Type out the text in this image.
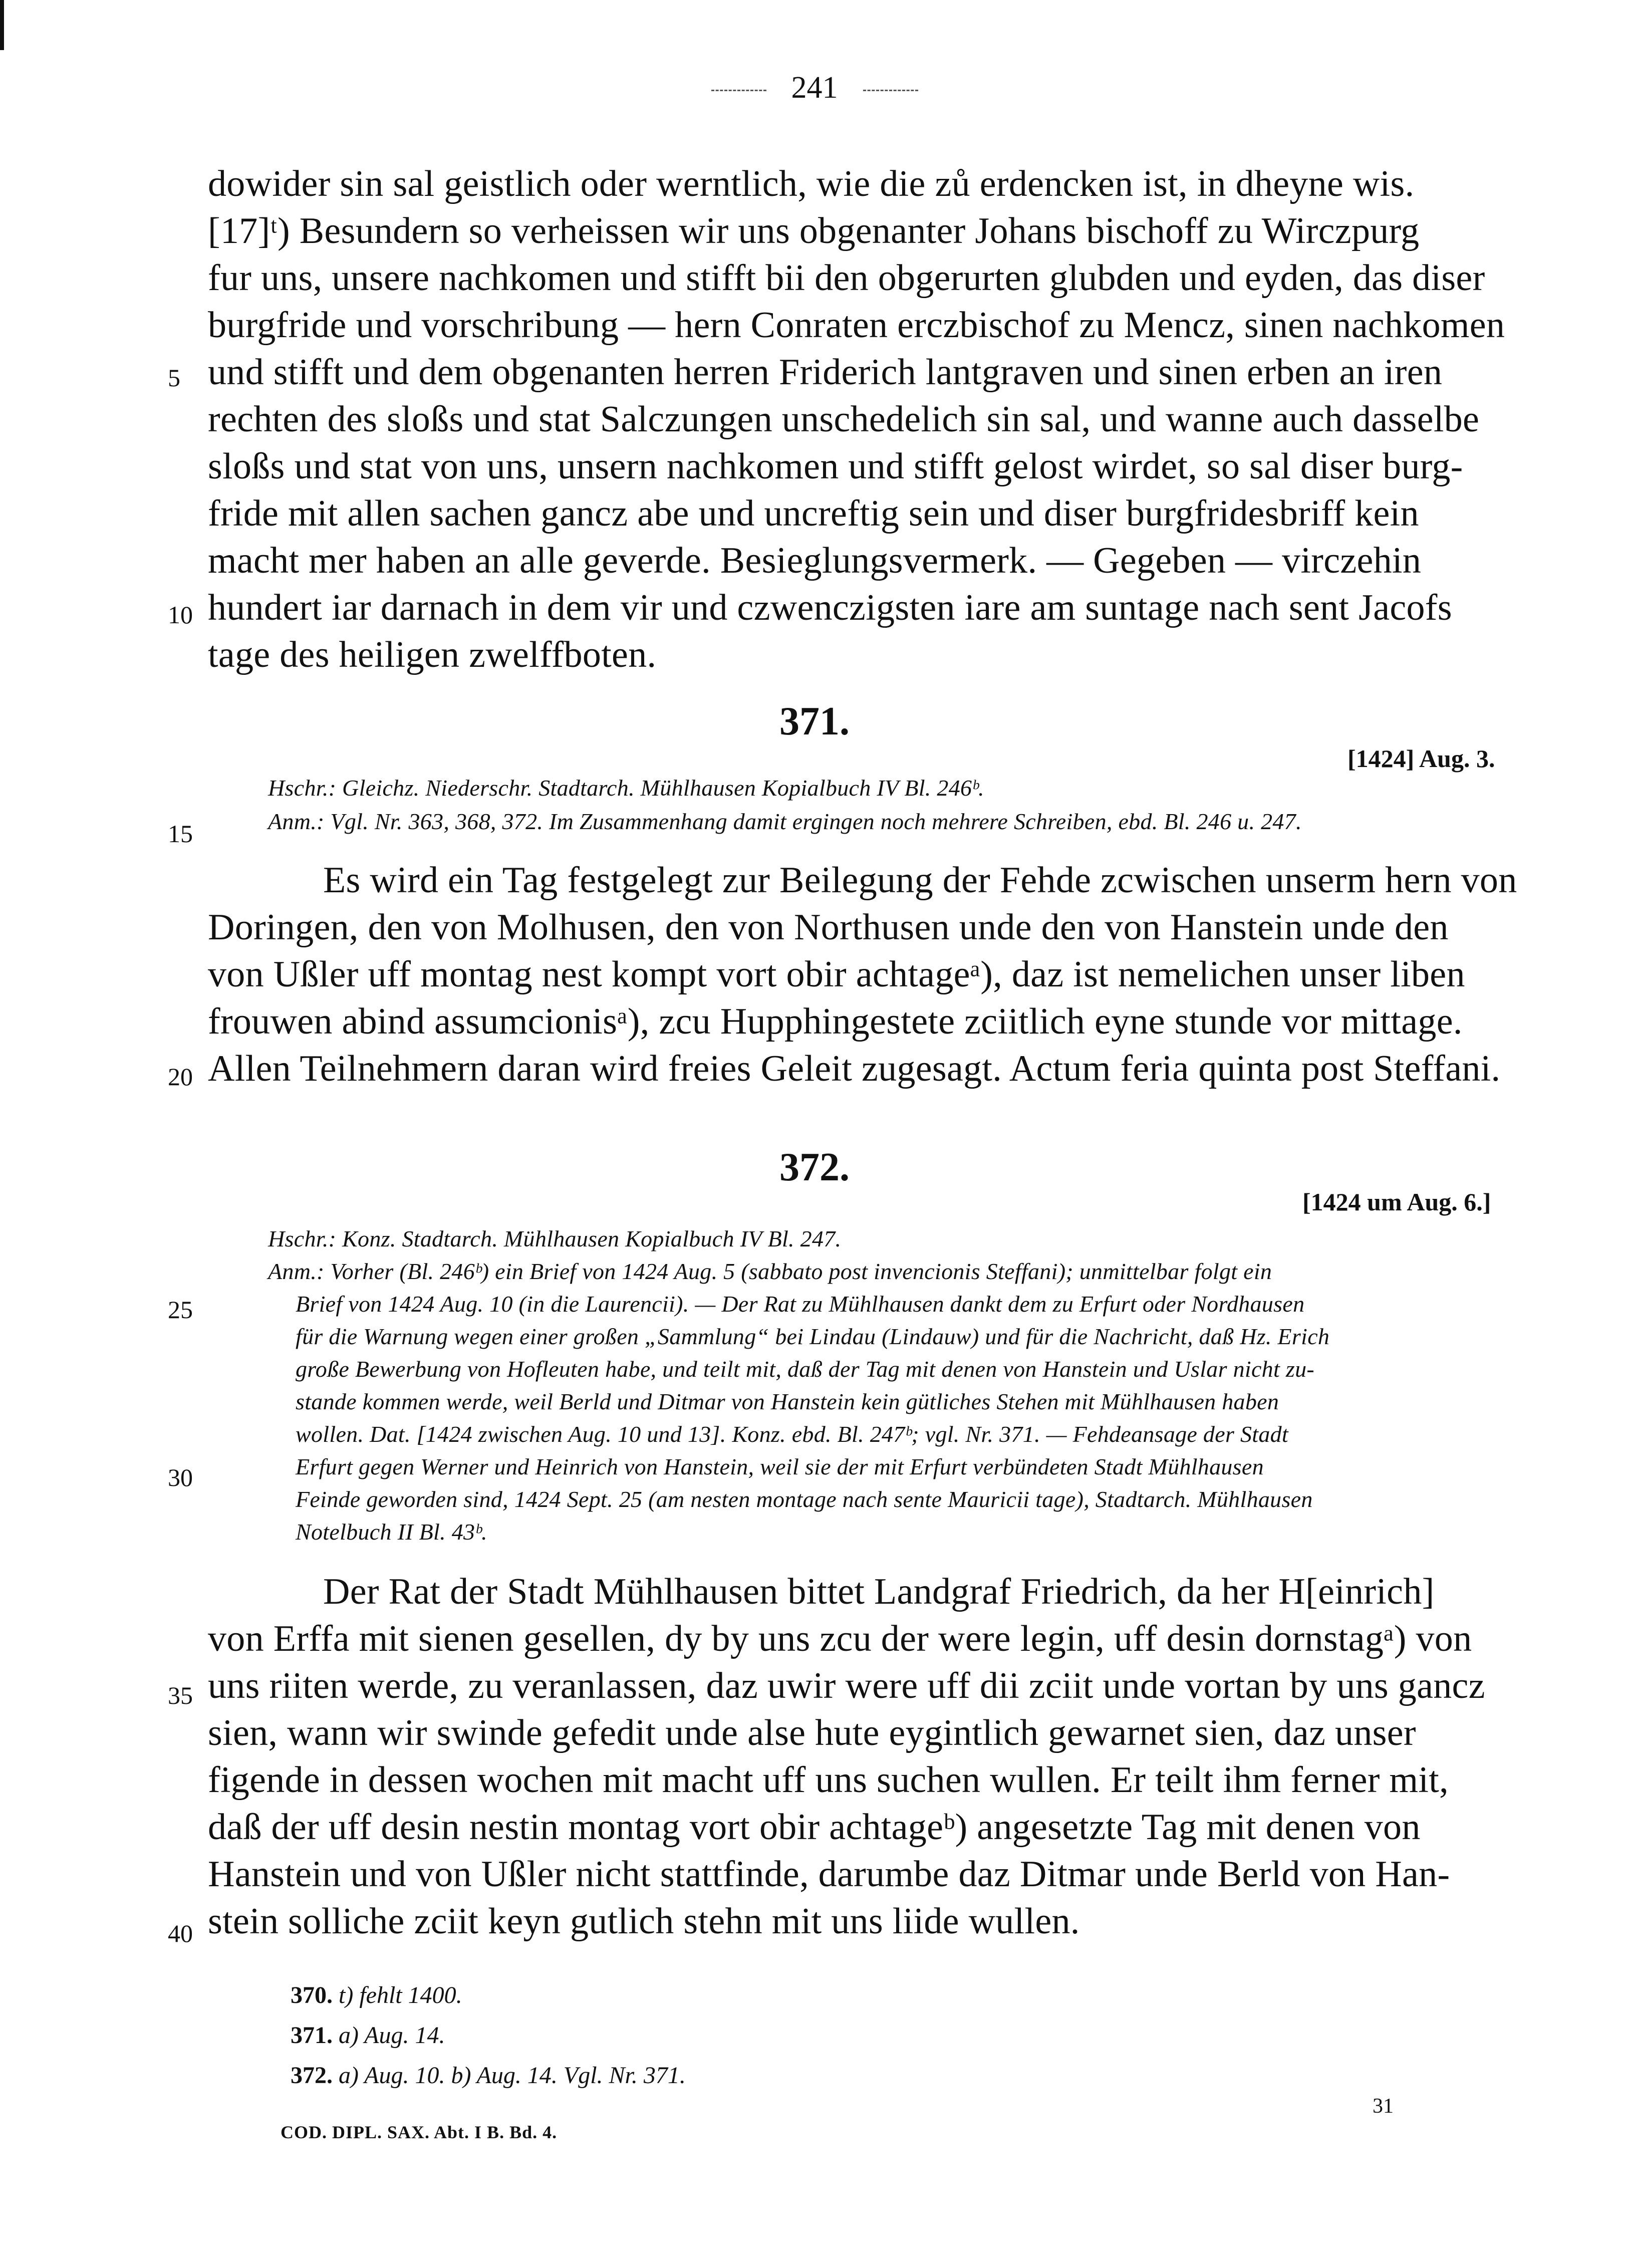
241
5
10
15
20
25
30
35
40
dowider sin sal geistlich oder werntlich, wie die zů erdencken ist, in dheyne wis.
[17]ᵗ) Besundern so verheissen wir uns obgenanter Johans bischoff zu Wirczpurg
fur uns, unsere nachkomen und stifft bii den obgerurten glubden und eyden, das diser
burgfride und vorschribung — hern Conraten erczbischof zu Mencz, sinen nachkomen
und stifft und dem obgenanten herren Friderich lantgraven und sinen erben an iren
rechten des sloßs und stat Salczungen unschedelich sin sal, und wanne auch dasselbe
sloßs und stat von uns, unsern nachkomen und stifft gelost wirdet, so sal diser burg-
fride mit allen sachen gancz abe und uncreftig sein und diser burgfridesbriff kein
macht mer haben an alle geverde. Besieglungsvermerk. — Gegeben — virczehin
hundert iar darnach in dem vir und czwenczigsten iare am suntage nach sent Jacofs
tage des heiligen zwelffboten.
371.
[1424] Aug. 3.
Hschr.: Gleichz. Niederschr. Stadtarch. Mühlhausen Kopialbuch IV Bl. 246ᵇ.
Anm.: Vgl. Nr. 363, 368, 372. Im Zusammenhang damit ergingen noch mehrere Schreiben, ebd. Bl. 246 u. 247.
Es wird ein Tag festgelegt zur Beilegung der Fehde zcwischen unserm hern von
Doringen, den von Molhusen, den von Northusen unde den von Hanstein unde den
von Ußler uff montag nest kompt vort obir achtageᵃ), daz ist nemelichen unser liben
frouwen abind assumcionisᵃ), zcu Hupphingestete zciitlich eyne stunde vor mittage.
Allen Teilnehmern daran wird freies Geleit zugesagt. Actum feria quinta post Steffani.
372.
[1424 um Aug. 6.]
Hschr.: Konz. Stadtarch. Mühlhausen Kopialbuch IV Bl. 247.
Anm.: Vorher (Bl. 246ᵇ) ein Brief von 1424 Aug. 5 (sabbato post invencionis Steffani); unmittelbar folgt ein
Brief von 1424 Aug. 10 (in die Laurencii). — Der Rat zu Mühlhausen dankt dem zu Erfurt oder Nordhausen
für die Warnung wegen einer großen „Sammlung“ bei Lindau (Lindauw) und für die Nachricht, daß Hz. Erich
große Bewerbung von Hofleuten habe, und teilt mit, daß der Tag mit denen von Hanstein und Uslar nicht zu-
stande kommen werde, weil Berld und Ditmar von Hanstein kein gütliches Stehen mit Mühlhausen haben
wollen. Dat. [1424 zwischen Aug. 10 und 13]. Konz. ebd. Bl. 247ᵇ; vgl. Nr. 371. — Fehdeansage der Stadt
Erfurt gegen Werner und Heinrich von Hanstein, weil sie der mit Erfurt verbündeten Stadt Mühlhausen
Feinde geworden sind, 1424 Sept. 25 (am nesten montage nach sente Mauricii tage), Stadtarch. Mühlhausen
Notelbuch II Bl. 43ᵇ.
Der Rat der Stadt Mühlhausen bittet Landgraf Friedrich, da her H[einrich]
von Erffa mit sienen gesellen, dy by uns zcu der were legin, uff desin dornstagᵃ) von
uns riiten werde, zu veranlassen, daz uwir were uff dii zciit unde vortan by uns gancz
sien, wann wir swinde gefedit unde alse hute eygintlich gewarnet sien, daz unser
figende in dessen wochen mit macht uff uns suchen wullen. Er teilt ihm ferner mit,
daß der uff desin nestin montag vort obir achtageᵇ) angesetzte Tag mit denen von
Hanstein und von Ußler nicht stattfinde, darumbe daz Ditmar unde Berld von Han-
stein solliche zciit keyn gutlich stehn mit uns liide wullen.
370. t) fehlt 1400.
371. a) Aug. 14.
372. a) Aug. 10. b) Aug. 14. Vgl. Nr. 371.
COD. DIPL. SAX. Abt. I B. Bd. 4.
31
